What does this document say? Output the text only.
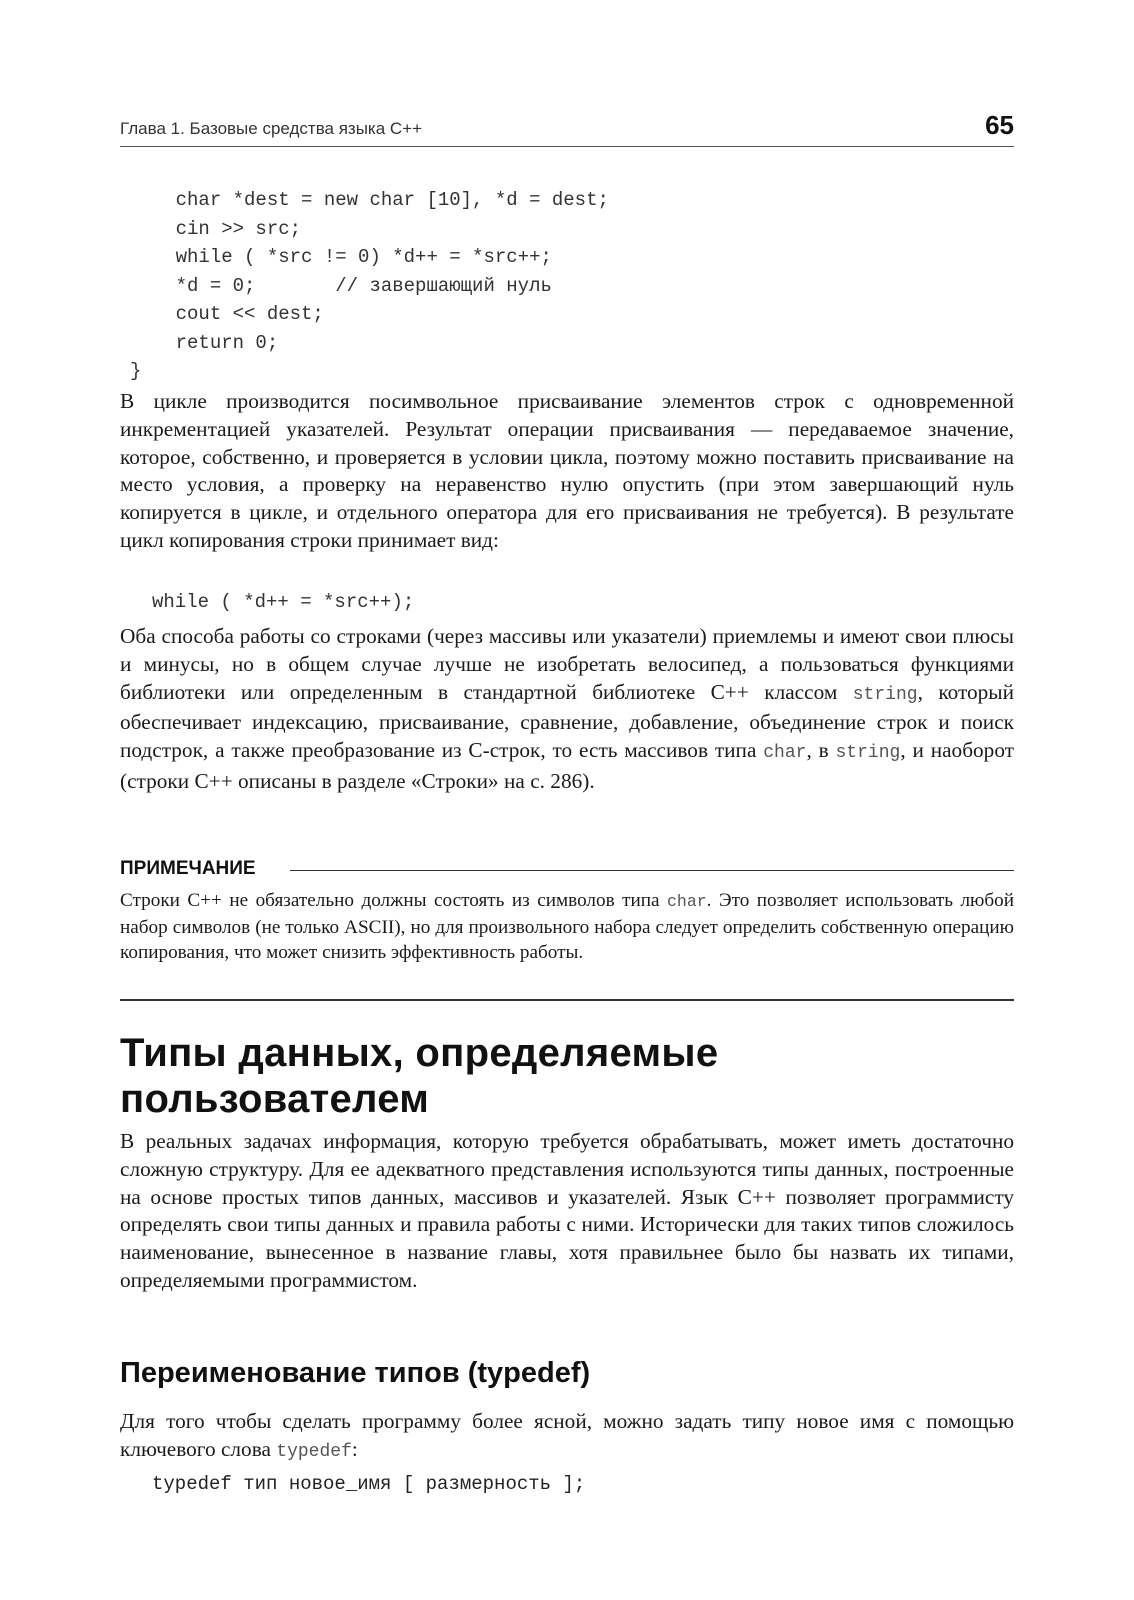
Глава 1. Базовые средства языка C++	65
char *dest = new char [10], *d = dest;
cin >> src;
while ( *src != 0) *d++ = *src++;
*d = 0;       // завершающий нуль
cout << dest;
return 0;
}

В цикле производится посимвольное присваивание элементов строк с одновременной инкрементацией указателей. Результат операции присваивания — передаваемое значение, которое, собственно, и проверяется в условии цикла, поэтому можно поставить присваивание на место условия, а проверку на неравенство нулю опустить (при этом завершающий нуль копируется в цикле, и отдельного оператора для его присваивания не требуется). В результате цикл копирования строки принимает вид:

while ( *d++ = *src++);

Оба способа работы со строками (через массивы или указатели) приемлемы и имеют свои плюсы и минусы, но в общем случае лучше не изобретать велосипед, а пользоваться функциями библиотеки или определенным в стандартной библиотеке C++ классом string, который обеспечивает индексацию, присваивание, сравнение, добавление, объединение строк и поиск подстрок, а также преобразование из C-строк, то есть массивов типа char, в string, и наоборот (строки C++ описаны в разделе «Строки» на с. 286).

ПРИМЕЧАНИЕ

Строки C++ не обязательно должны состоять из символов типа char. Это позволяет использовать любой набор символов (не только ASCII), но для произвольного набора следует определить собственную операцию копирования, что может снизить эффективность работы.

Типы данных, определяемые пользователем

В реальных задачах информация, которую требуется обрабатывать, может иметь достаточно сложную структуру. Для ее адекватного представления используются типы данных, построенные на основе простых типов данных, массивов и указателей. Язык C++ позволяет программисту определять свои типы данных и правила работы с ними. Исторически для таких типов сложилось наименование, вынесенное в название главы, хотя правильнее было бы назвать их типами, определяемыми программистом.

Переименование типов (typedef)

Для того чтобы сделать программу более ясной, можно задать типу новое имя с помощью ключевого слова typedef:

typedef тип новое_имя [ размерность ];
